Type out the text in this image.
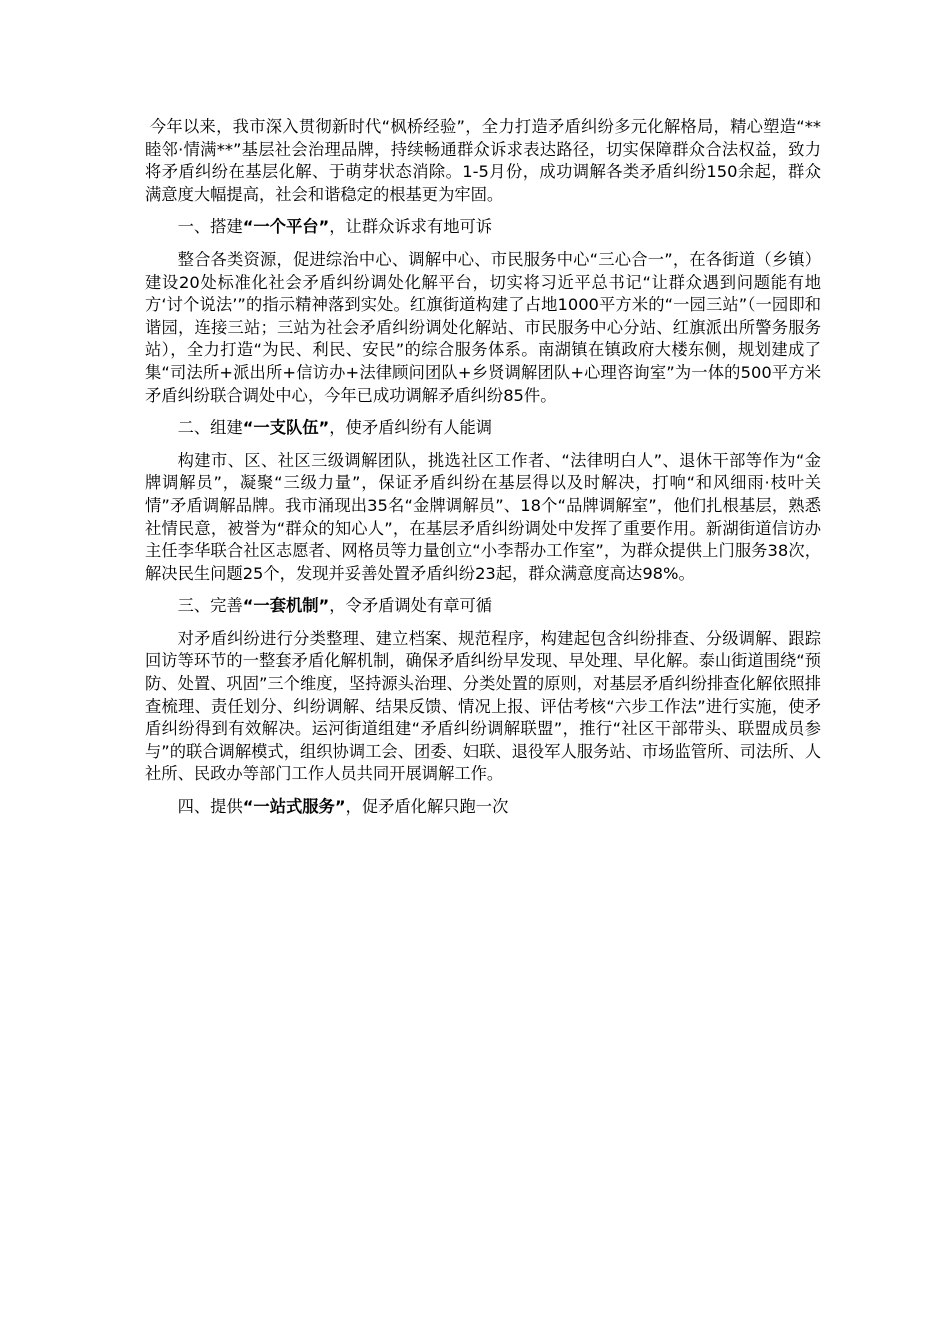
今年以来，我市深入贯彻新时代“枫桥经验”，全力打造矛盾纠纷多元化解格局，精心塑造“**睦邻·情满**”基层社会治理品牌，持续畅通群众诉求表达路径，切实保障群众合法权益，致力将矛盾纠纷在基层化解、于萌芽状态消除。1-5月份，成功调解各类矛盾纠纷150余起，群众满意度大幅提高，社会和谐稳定的根基更为牢固。

一、搭建“一个平台”，让群众诉求有地可诉

整合各类资源，促进综治中心、调解中心、市民服务中心“三心合一”，在各街道（乡镇）建设20处标准化社会矛盾纠纷调处化解平台，切实将习近平总书记“让群众遇到问题能有地方‘讨个说法’”的指示精神落到实处。红旗街道构建了占地1000平方米的“一园三站”（一园即和谐园，连接三站；三站为社会矛盾纠纷调处化解站、市民服务中心分站、红旗派出所警务服务站），全力打造“为民、利民、安民”的综合服务体系。南湖镇在镇政府大楼东侧，规划建成了集“司法所+派出所+信访办+法律顾问团队+乡贤调解团队+心理咨询室”为一体的500平方米矛盾纠纷联合调处中心，今年已成功调解矛盾纠纷85件。

二、组建“一支队伍”，使矛盾纠纷有人能调

构建市、区、社区三级调解团队，挑选社区工作者、“法律明白人”、退休干部等作为“金牌调解员”，凝聚“三级力量”，保证矛盾纠纷在基层得以及时解决，打响“和风细雨·枝叶关情”矛盾调解品牌。我市涌现出35名“金牌调解员”、18个“品牌调解室”，他们扎根基层，熟悉社情民意，被誉为“群众的知心人”，在基层矛盾纠纷调处中发挥了重要作用。新湖街道信访办主任李华联合社区志愿者、网格员等力量创立“小李帮办工作室”，为群众提供上门服务38次，解决民生问题25个，发现并妥善处置矛盾纠纷23起，群众满意度高达98%。

三、完善“一套机制”，令矛盾调处有章可循

对矛盾纠纷进行分类整理、建立档案、规范程序，构建起包含纠纷排查、分级调解、跟踪回访等环节的一整套矛盾化解机制，确保矛盾纠纷早发现、早处理、早化解。泰山街道围绕“预防、处置、巩固”三个维度，坚持源头治理、分类处置的原则，对基层矛盾纠纷排查化解依照排查梳理、责任划分、纠纷调解、结果反馈、情况上报、评估考核“六步工作法”进行实施，使矛盾纠纷得到有效解决。运河街道组建“矛盾纠纷调解联盟”，推行“社区干部带头、联盟成员参与”的联合调解模式，组织协调工会、团委、妇联、退役军人服务站、市场监管所、司法所、人社所、民政办等部门工作人员共同开展调解工作。

四、提供“一站式服务”，促矛盾化解只跑一次
